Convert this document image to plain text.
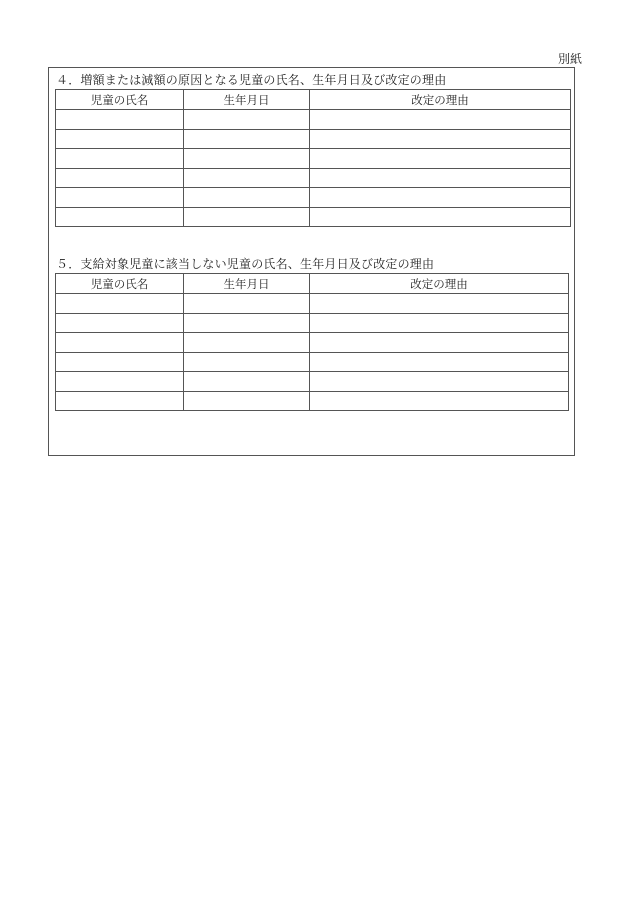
別紙
４．増額または減額の原因となる児童の氏名、生年月日及び改定の理由
児童の氏名	生年月日	改定の理由

５．支給対象児童に該当しない児童の氏名、生年月日及び改定の理由
児童の氏名	生年月日	改定の理由
